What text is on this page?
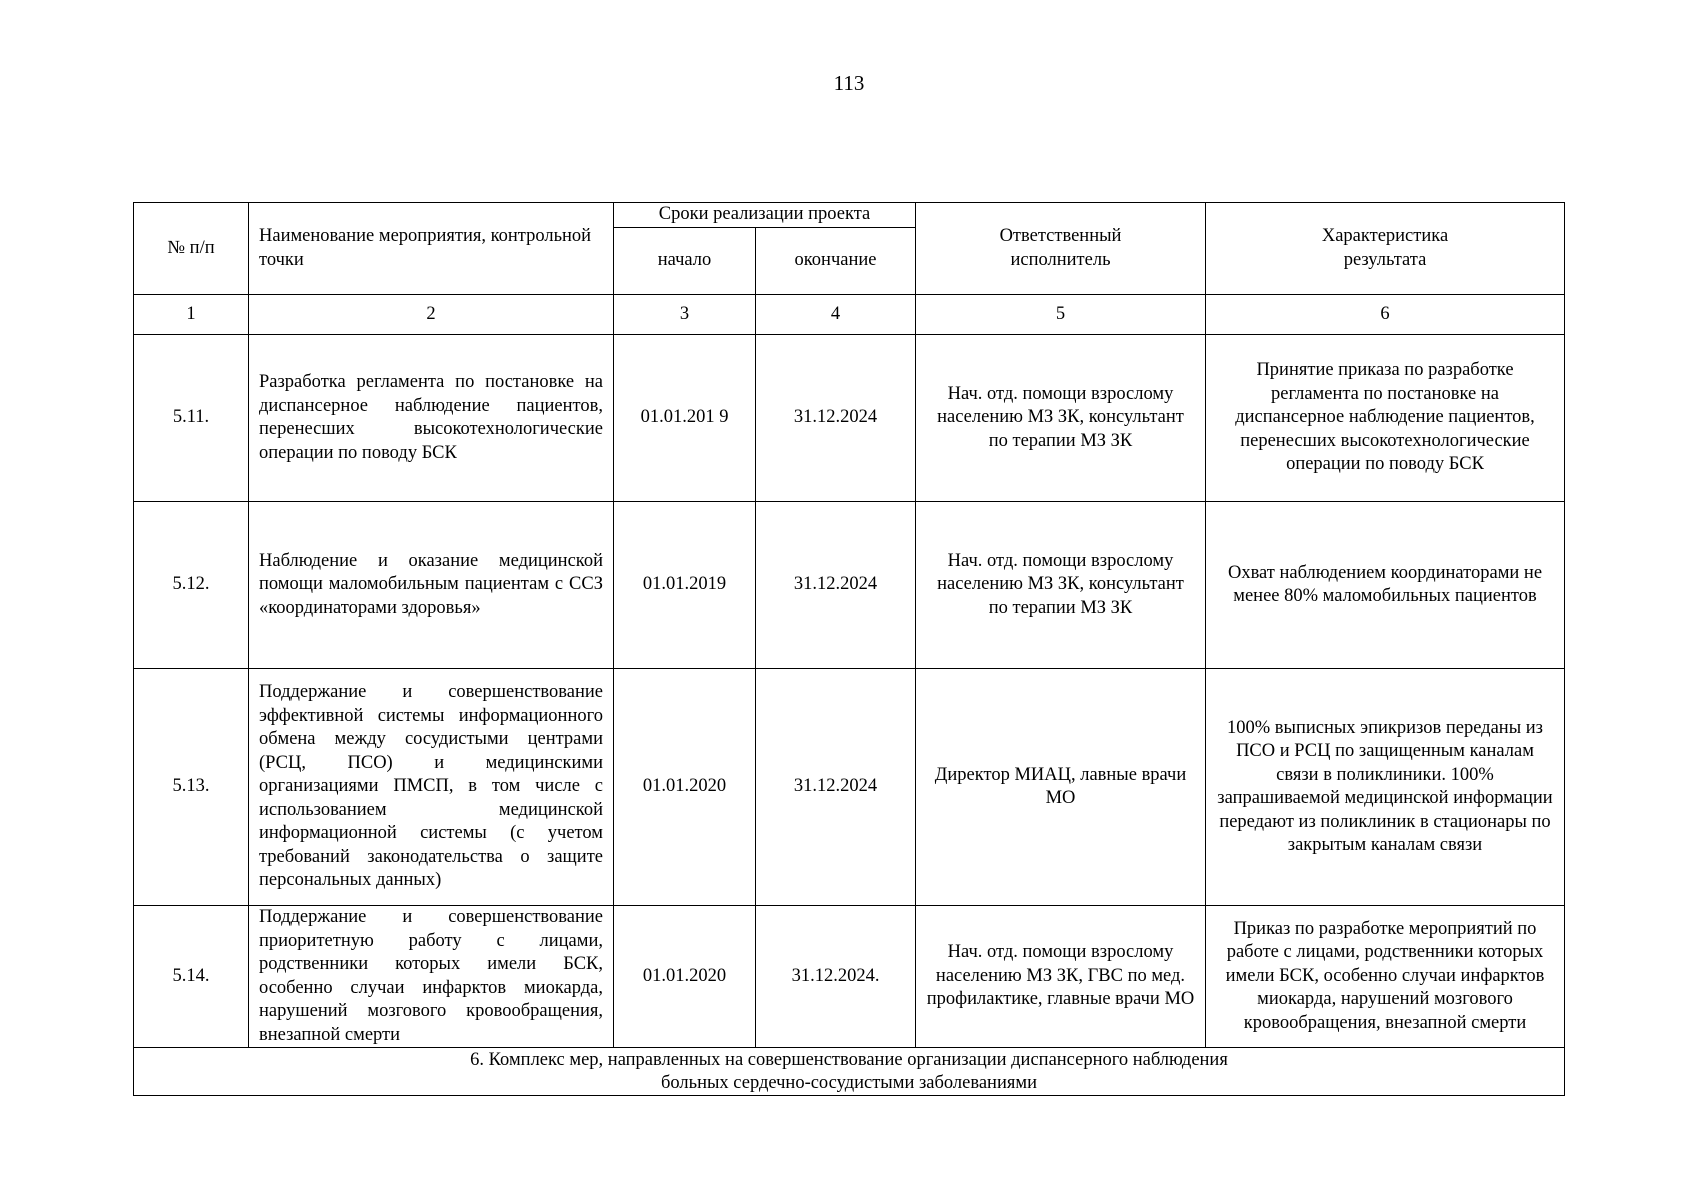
113
№ п/п	Наименование мероприятия, контрольной точки	Сроки реализации проекта		Ответственный исполнитель	Характеристика результата

		начало	окончание		
1	2	3	4	5	6
5.11.	Разработка регламента по постановке на диспансерное наблюдение пациентов, перенесших высокотехнологические операции по поводу БСК	01.01.201 9	31.12.2024	Нач. отд. помощи взрослому населению МЗ ЗК, консультант по терапии МЗ ЗК	Принятие приказа по разработке регламента по постановке на диспансерное наблюдение пациентов, перенесших высокотехнологические операции по поводу БСК
5.12.	Наблюдение и оказание медицинской помощи маломобильным пациентам с ССЗ «координаторами здоровья»	01.01.2019	31.12.2024	Нач. отд. помощи взрослому населению МЗ ЗК, консультант по терапии МЗ ЗК	Охват наблюдением координаторами не менее 80% маломобильных пациентов
5.13.	Поддержание и совершенствование эффективной системы информационного обмена между сосудистыми центрами (РСЦ, ПСО) и медицинскими организациями ПМСП, в том числе с использованием медицинской информационной системы (с учетом требований законодательства о защите персональных данных)	01.01.2020	31.12.2024	Директор МИАЦ, лавные врачи МО	100% выписных эпикризов переданы из ПСО и РСЦ по защищенным каналам связи в поликлиники. 100% запрашиваемой медицинской информации передают из поликлиник в стационары по закрытым каналам связи
5.14.	Поддержание и совершенствование приоритетную работу с лицами, родственники которых имели БСК, особенно случаи инфарктов миокарда, нарушений мозгового кровообращения, внезапной смерти	01.01.2020	31.12.2024.	Нач. отд. помощи взрослому населению МЗ ЗК, ГВС по мед. профилактике, главные врачи МО	Приказ по разработке мероприятий по работе с лицами, родственники которых имели БСК, особенно случаи инфарктов миокарда, нарушений мозгового кровообращения, внезапной смерти

6. Комплекс мер, направленных на совершенствование организации диспансерного наблюдения
больных сердечно-сосудистыми заболеваниями					
